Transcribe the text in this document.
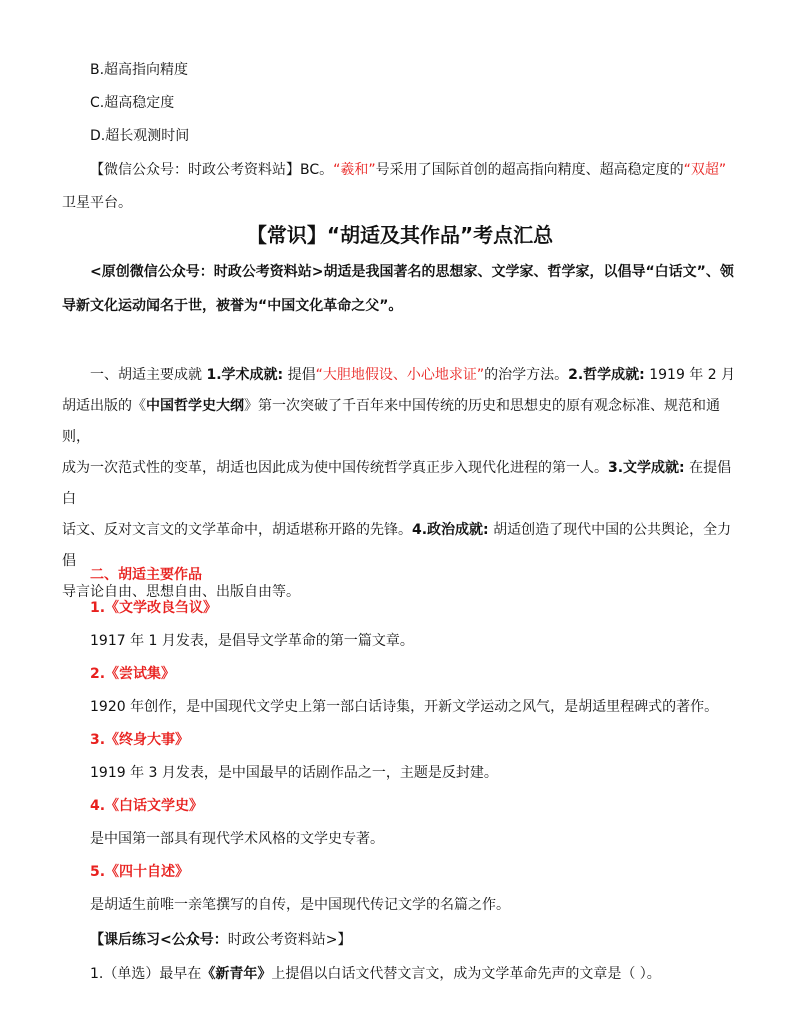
B.超高指向精度
C.超高稳定度
D.超长观测时间
【微信公众号：时政公考资料站】BC。“羲和”号采用了国际首创的超高指向精度、超高稳定度的“双超”
卫星平台。
【常识】“胡适及其作品”考点汇总
<原创微信公众号：时政公考资料站>胡适是我国著名的思想家、文学家、哲学家，以倡导“白话文”、领
导新文化运动闻名于世，被誉为“中国文化革命之父”。
一、胡适主要成就 1.学术成就: 提倡“大胆地假设、小心地求证”的治学方法。2.哲学成就: 1919 年 2 月
胡适出版的《中国哲学史大纲》第一次突破了千百年来中国传统的历史和思想史的原有观念标准、规范和通则，
成为一次范式性的变革，胡适也因此成为使中国传统哲学真正步入现代化进程的第一人。3.文学成就: 在提倡白
话文、反对文言文的文学革命中，胡适堪称开路的先锋。4.政治成就: 胡适创造了现代中国的公共舆论，全力倡
导言论自由、思想自由、出版自由等。
二、胡适主要作品
1.《文学改良刍议》
1917 年 1 月发表，是倡导文学革命的第一篇文章。
2.《尝试集》
1920 年创作，是中国现代文学史上第一部白话诗集，开新文学运动之风气，是胡适里程碑式的著作。
3.《终身大事》
1919 年 3 月发表，是中国最早的话剧作品之一，主题是反封建。
4.《白话文学史》
是中国第一部具有现代学术风格的文学史专著。
5.《四十自述》
是胡适生前唯一亲笔撰写的自传，是中国现代传记文学的名篇之作。
【课后练习<公众号：时政公考资料站>】
1.（单选）最早在《新青年》上提倡以白话文代替文言文，成为文学革命先声的文章是（ ）。
